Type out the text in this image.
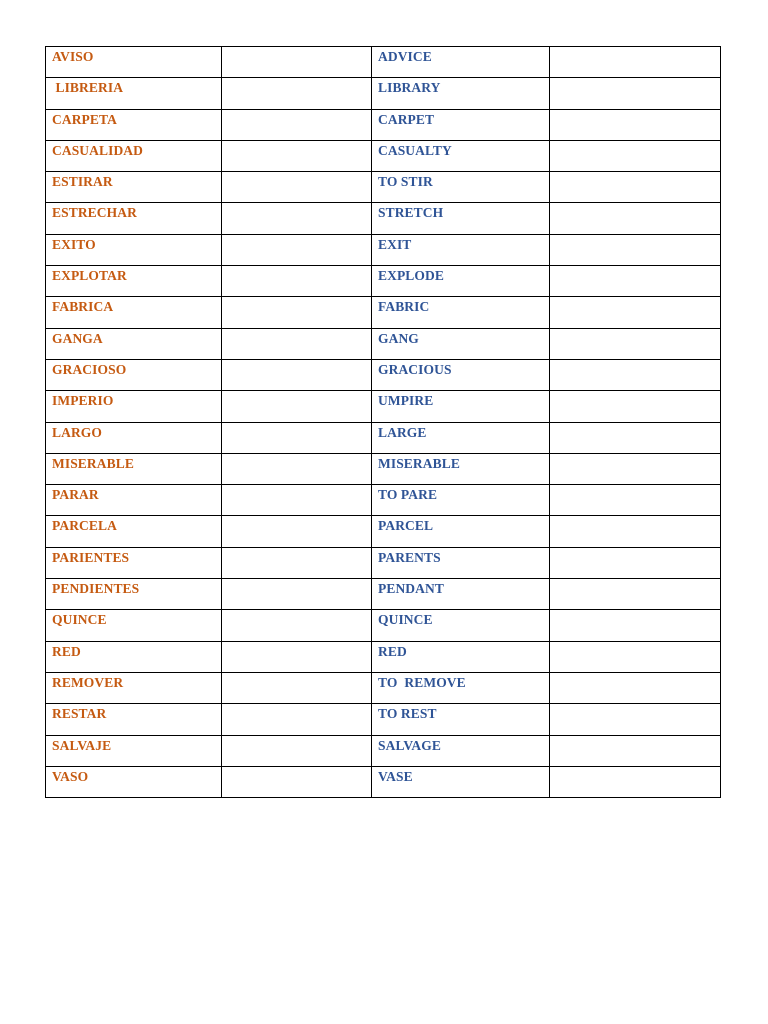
AVISO		ADVICE	
LIBRERIA		LIBRARY	
CARPETA		CARPET	
CASUALIDAD		CASUALTY	
ESTIRAR		TO STIR	
ESTRECHAR		STRETCH	
EXITO		EXIT	
EXPLOTAR		EXPLODE	
FABRICA		FABRIC	
GANGA		GANG	
GRACIOSO		GRACIOUS	
IMPERIO		UMPIRE	
LARGO		LARGE	
MISERABLE		MISERABLE	
PARAR		TO PARE	
PARCELA		PARCEL	
PARIENTES		PARENTS	
PENDIENTES		PENDANT	
QUINCE		QUINCE	
RED		RED	
REMOVER		TO  REMOVE	
RESTAR		TO REST	
SALVAJE		SALVAGE	
VASO		VASE	
